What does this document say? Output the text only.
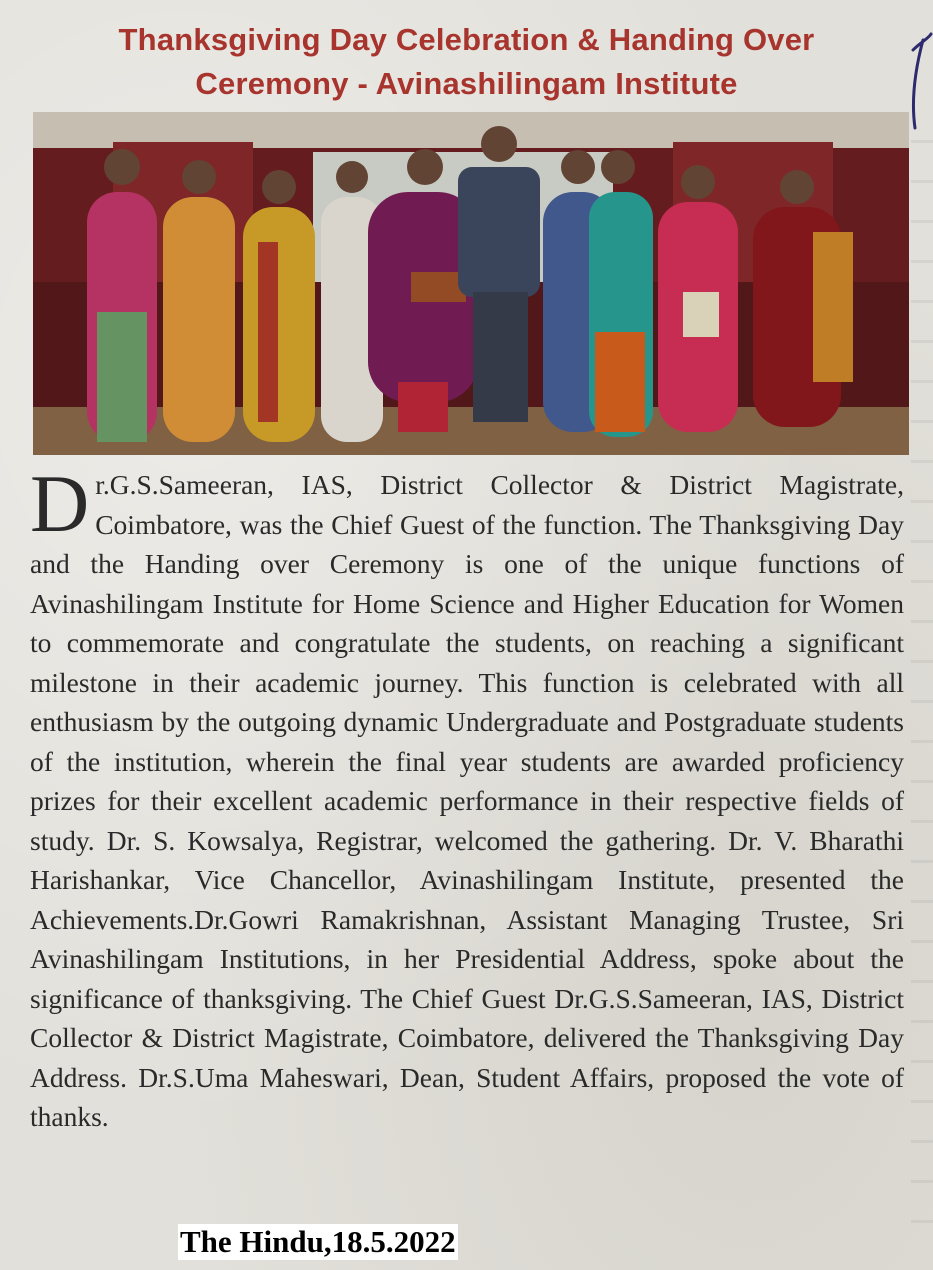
Thanksgiving Day Celebration & Handing Over
Ceremony - Avinashilingam Institute
Dr.G.S.Sameeran, IAS, District Collector & District Magistrate, Coimbatore, was the Chief Guest of the function. The Thanksgiving Day and the Handing over Ceremony is one of the unique functions of Avinashilingam Institute for Home Science and Higher Education for Women to commemorate and congratulate the students, on reaching a significant milestone in their academic journey. This function is celebrated with all enthusiasm by the outgoing dynamic Undergraduate and Postgraduate students of the institution, wherein the final year students are awarded proficiency prizes for their excellent academic performance in their respective fields of study. Dr. S. Kowsalya, Registrar, welcomed the gathering. Dr. V. Bharathi Harishankar, Vice Chancellor, Avinashilingam Institute, presented the Achievements.Dr.Gowri Ramakrishnan, Assistant Managing Trustee, Sri Avinashilingam Institutions, in her Presidential Address, spoke about the significance of thanksgiving. The Chief Guest Dr.G.S.Sameeran, IAS, District Collector & District Magistrate, Coimbatore, delivered the Thanksgiving Day Address. Dr.S.Uma Maheswari, Dean, Student Affairs, proposed the vote of thanks.
The Hindu,18.5.2022
